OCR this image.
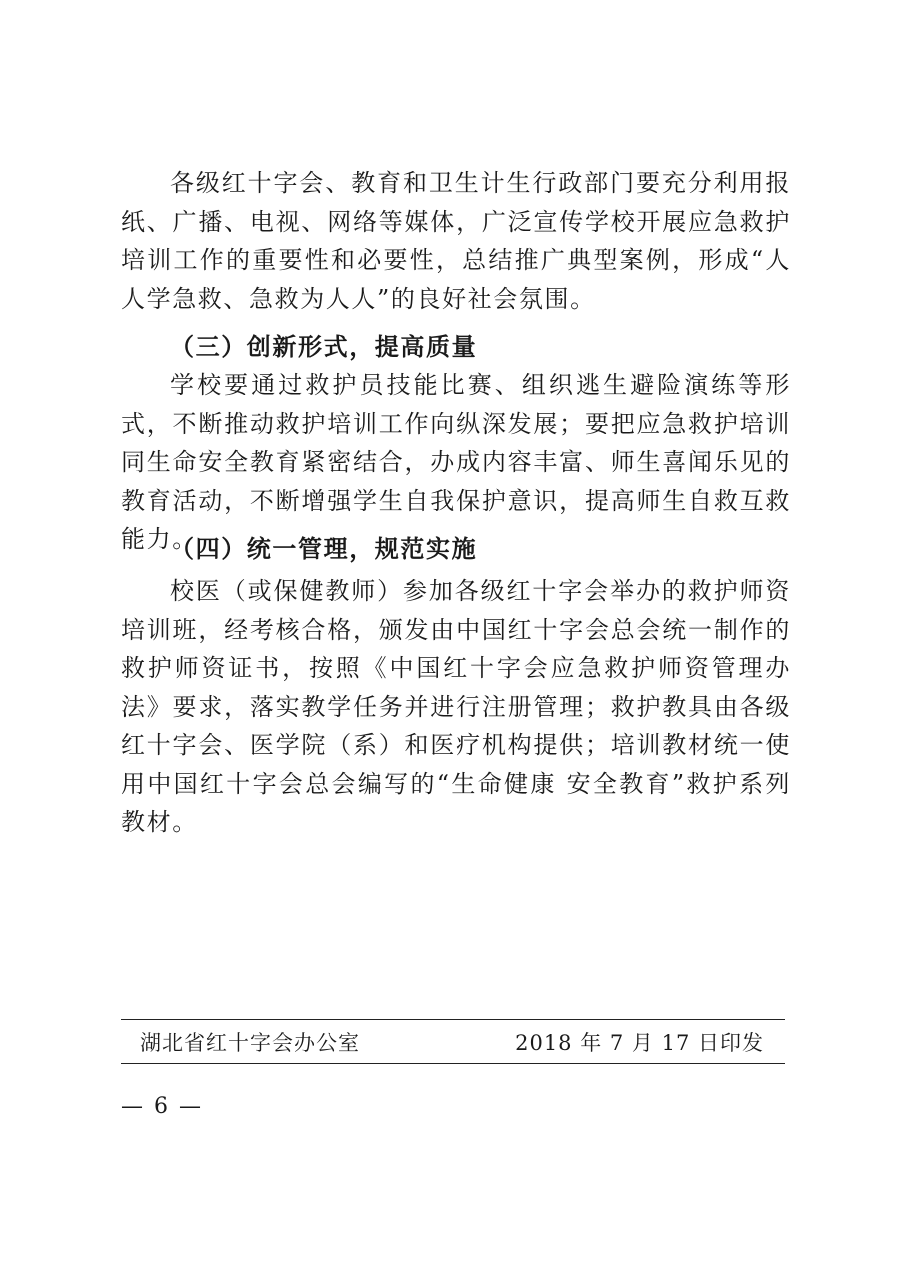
各级红十字会、教育和卫生计生行政部门要充分利用报纸、广播、电视、网络等媒体，广泛宣传学校开展应急救护培训工作的重要性和必要性，总结推广典型案例，形成“人人学急救、急救为人人”的良好社会氛围。

（三）创新形式，提高质量

学校要通过救护员技能比赛、组织逃生避险演练等形式，不断推动救护培训工作向纵深发展；要把应急救护培训同生命安全教育紧密结合，办成内容丰富、师生喜闻乐见的教育活动，不断增强学生自我保护意识，提高师生自救互救能力。

（四）统一管理，规范实施

校医（或保健教师）参加各级红十字会举办的救护师资培训班，经考核合格，颁发由中国红十字会总会统一制作的救护师资证书，按照《中国红十字会应急救护师资管理办法》要求，落实教学任务并进行注册管理；救护教具由各级红十字会、医学院（系）和医疗机构提供；培训教材统一使用中国红十字会总会编写的“生命健康 安全教育”救护系列教材。

湖北省红十字会办公室	2018 年 7 月 17 日印发
— 6 —
